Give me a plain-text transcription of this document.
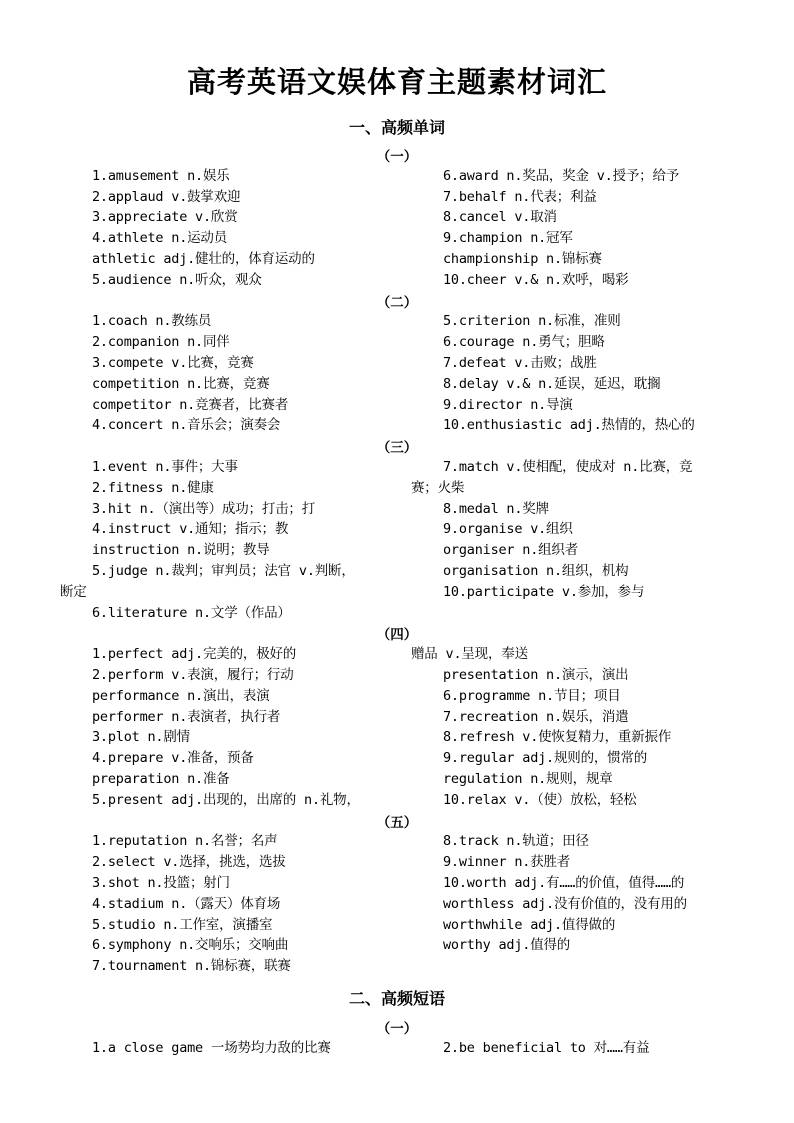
高考英语文娱体育主题素材词汇
一、高频单词
（一）
1.amusement n.娱乐	6.award n.奖品，奖金 v.授予；给予
2.applaud v.鼓掌欢迎	7.behalf n.代表；利益
3.appreciate v.欣赏	8.cancel v.取消
4.athlete n.运动员	9.champion n.冠军
athletic adj.健壮的，体育运动的	championship n.锦标赛
5.audience n.听众，观众	10.cheer v.& n.欢呼，喝彩
（二）
1.coach n.教练员	5.criterion n.标准，准则
2.companion n.同伴	6.courage n.勇气；胆略
3.compete v.比赛，竞赛	7.defeat v.击败；战胜
competition n.比赛，竞赛	8.delay v.& n.延误，延迟，耽搁
competitor n.竞赛者，比赛者	9.director n.导演
4.concert n.音乐会；演奏会	10.enthusiastic adj.热情的，热心的
（三）
1.event n.事件；大事	7.match v.使相配，使成对 n.比赛，竞
2.fitness n.健康	赛；火柴
3.hit n.（演出等）成功；打击；打	8.medal n.奖牌
4.instruct v.通知；指示；教	9.organise v.组织
instruction n.说明；教导	organiser n.组织者
5.judge n.裁判；审判员；法官 v.判断，	organisation n.组织，机构
断定	10.participate v.参加，参与
6.literature n.文学（作品）
（四）
1.perfect adj.完美的，极好的	赠品 v.呈现，奉送
2.perform v.表演，履行；行动	presentation n.演示，演出
performance n.演出，表演	6.programme n.节目；项目
performer n.表演者，执行者	7.recreation n.娱乐，消遣
3.plot n.剧情	8.refresh v.使恢复精力，重新振作
4.prepare v.准备，预备	9.regular adj.规则的，惯常的
preparation n.准备	regulation n.规则，规章
5.present adj.出现的，出席的 n.礼物，	10.relax v.（使）放松，轻松
（五）
1.reputation n.名誉；名声	8.track n.轨道；田径
2.select v.选择，挑选，选拔	9.winner n.获胜者
3.shot n.投篮；射门	10.worth adj.有……的价值，值得……的
4.stadium n.（露天）体育场	worthless adj.没有价值的，没有用的
5.studio n.工作室，演播室	worthwhile adj.值得做的
6.symphony n.交响乐；交响曲	worthy adj.值得的
7.tournament n.锦标赛，联赛
二、高频短语
（一）
1.a close game 一场势均力敌的比赛	2.be beneficial to 对……有益
